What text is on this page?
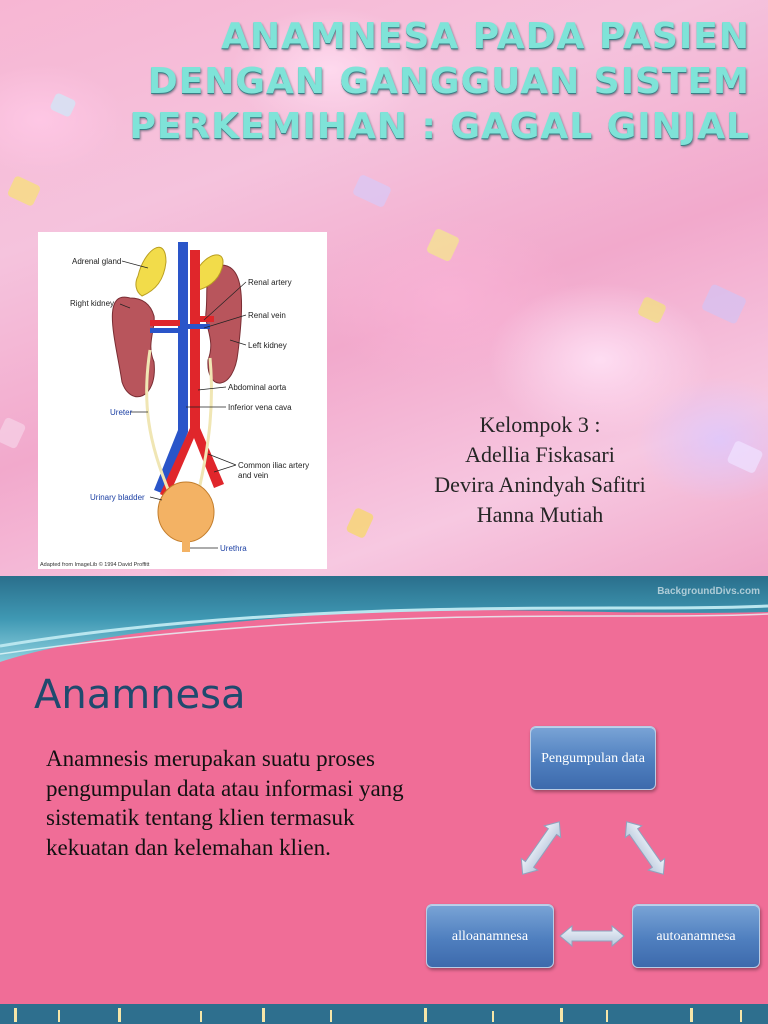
ANAMNESA PADA PASIEN
DENGAN GANGGUAN SISTEM
PERKEMIHAN : GAGAL GINJAL
Adrenal gland
Right kidney
Renal artery
Renal vein
Left kidney
Abdominal aorta
Inferior vena cava
Ureter
Common iliac artery
and vein
Urinary bladder
Urethra
Adapted from ImageLib © 1994 David Proffitt
Kelompok 3 :
Adellia Fiskasari
Devira Anindyah Safitri
Hanna Mutiah
BackgroundDivs.com
Anamnesa
Anamnesis merupakan suatu proses pengumpulan data atau informasi yang sistematik tentang klien termasuk kekuatan dan kelemahan klien.
Pengumpulan data
alloanamnesa	autoanamnesa
